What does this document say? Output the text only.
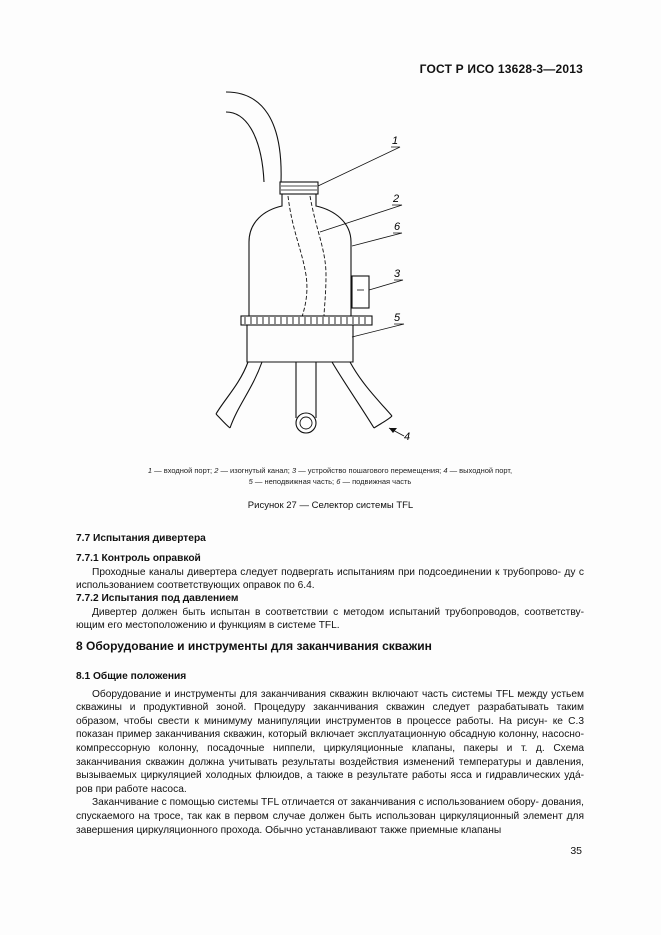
ГОСТ Р ИСО 13628-3—2013
1
2
6
3
5
4
1 — входной порт; 2 — изогнутый канал; 3 — устройство пошагового перемещения; 4 — выходной порт,
5 — неподвижная часть; 6 — подвижная часть
Рисунок 27 — Селектор системы TFL

7.7 Испытания дивертера

7.7.1 Контроль оправкой

Проходные каналы дивертера следует подвергать испытаниям при подсоединении к трубопрово- ду с использованием соответствующих оправок по 6.4.

7.7.2 Испытания под давлением

Дивертер должен быть испытан в соответствии с методом испытаний трубопроводов, соответству- ющим его местоположению и функциям в системе TFL.

8 Оборудование и инструменты для заканчивания скважин

8.1 Общие положения

Оборудование и инструменты для заканчивания скважин включают часть системы TFL между устьем скважины и продуктивной зоной. Процедуру заканчивания скважин следует разрабатывать таким образом, чтобы свести к минимуму манипуляции инструментов в процессе работы. На рисун- ке С.3 показан пример заканчивания скважин, который включает эксплуатационную обсадную колонну, насосно-компрессорную колонну, посадочные ниппели, циркуляционные клапаны, пакеры и т. д. Схема заканчивания скважин должна учитывать результаты воздействия изменений температуры и давления, вызываемых циркуляцией холодных флюидов, а также в результате работы ясса и гидравлических удá- ров при работе насоса.

Заканчивание с помощью системы TFL отличается от заканчивания с использованием обору- дования, спускаемого на тросе, так как в первом случае должен быть использован циркуляционный элемент для завершения циркуляционного прохода. Обычно устанавливают также приемные клапаны

35
